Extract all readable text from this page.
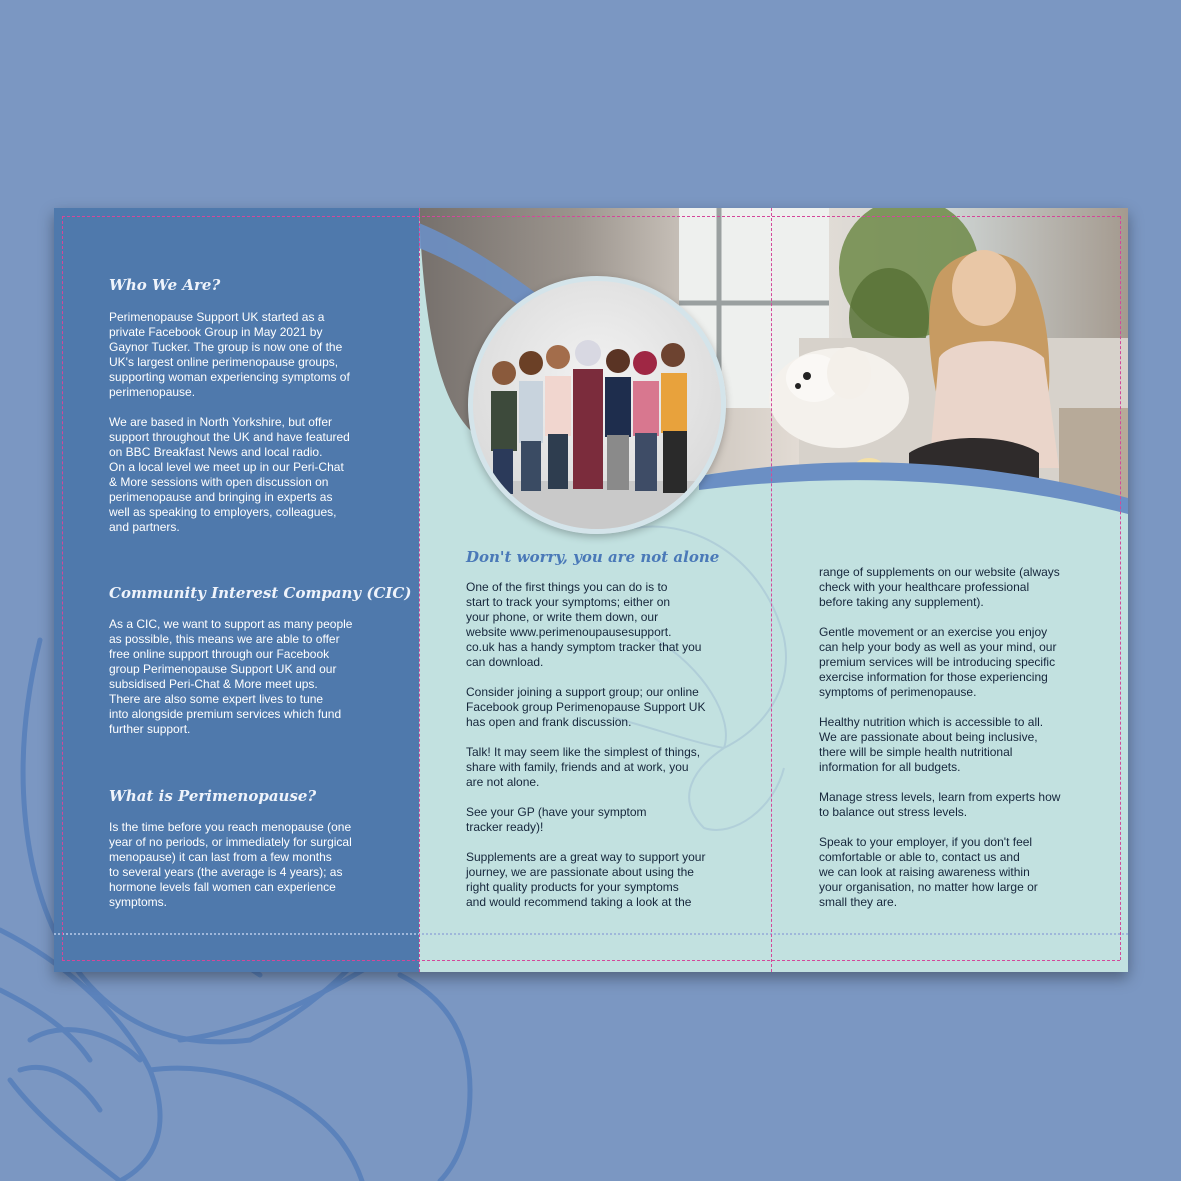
Who We Are?

Perimenopause Support UK started as a
private Facebook Group in May 2021 by
Gaynor Tucker. The group is now one of the
UK's largest online perimenopause groups,
supporting woman experiencing symptoms of
perimenopause.

We are based in North Yorkshire, but offer
support throughout the UK and have featured
on BBC Breakfast News and local radio.
On a local level we meet up in our Peri-Chat
& More sessions with open discussion on
perimenopause and bringing in experts as
well as speaking to employers, colleagues,
and partners.

Community Interest Company (CIC)

As a CIC, we want to support as many people
as possible, this means we are able to offer
free online support through our Facebook
group Perimenopause Support UK and our
subsidised Peri-Chat & More meet ups.
There are also some expert lives to tune
into alongside premium services which fund
further support.

What is Perimenopause?

Is the time before you reach menopause (one
year of no periods, or immediately for surgical
menopause) it can last from a few months
to several years (the average is 4 years); as
hormone levels fall women can experience
symptoms.

Don't worry, you are not alone

One of the first things you can do is to
start to track your symptoms; either on
your phone, or write them down, our
website www.perimenoupausesupport.
co.uk has a handy symptom tracker that you
can download.

Consider joining a support group; our online
Facebook group Perimenopause Support UK
has open and frank discussion.

Talk! It may seem like the simplest of things,
share with family, friends and at work, you
are not alone.

See your GP (have your symptom
tracker ready)!

Supplements are a great way to support your
journey, we are passionate about using the
right quality products for your symptoms
and would recommend taking a look at the

range of supplements on our website (always
check with your healthcare professional
before taking any supplement).

Gentle movement or an exercise you enjoy
can help your body as well as your mind, our
premium services will be introducing specific
exercise information for those experiencing
symptoms of perimenopause.

Healthy nutrition which is accessible to all.
We are passionate about being inclusive,
there will be simple health nutritional
information for all budgets.

Manage stress levels, learn from experts how
to balance out stress levels.

Speak to your employer, if you don't feel
comfortable or able to, contact us and
we can look at raising awareness within
your organisation, no matter how large or
small they are.
